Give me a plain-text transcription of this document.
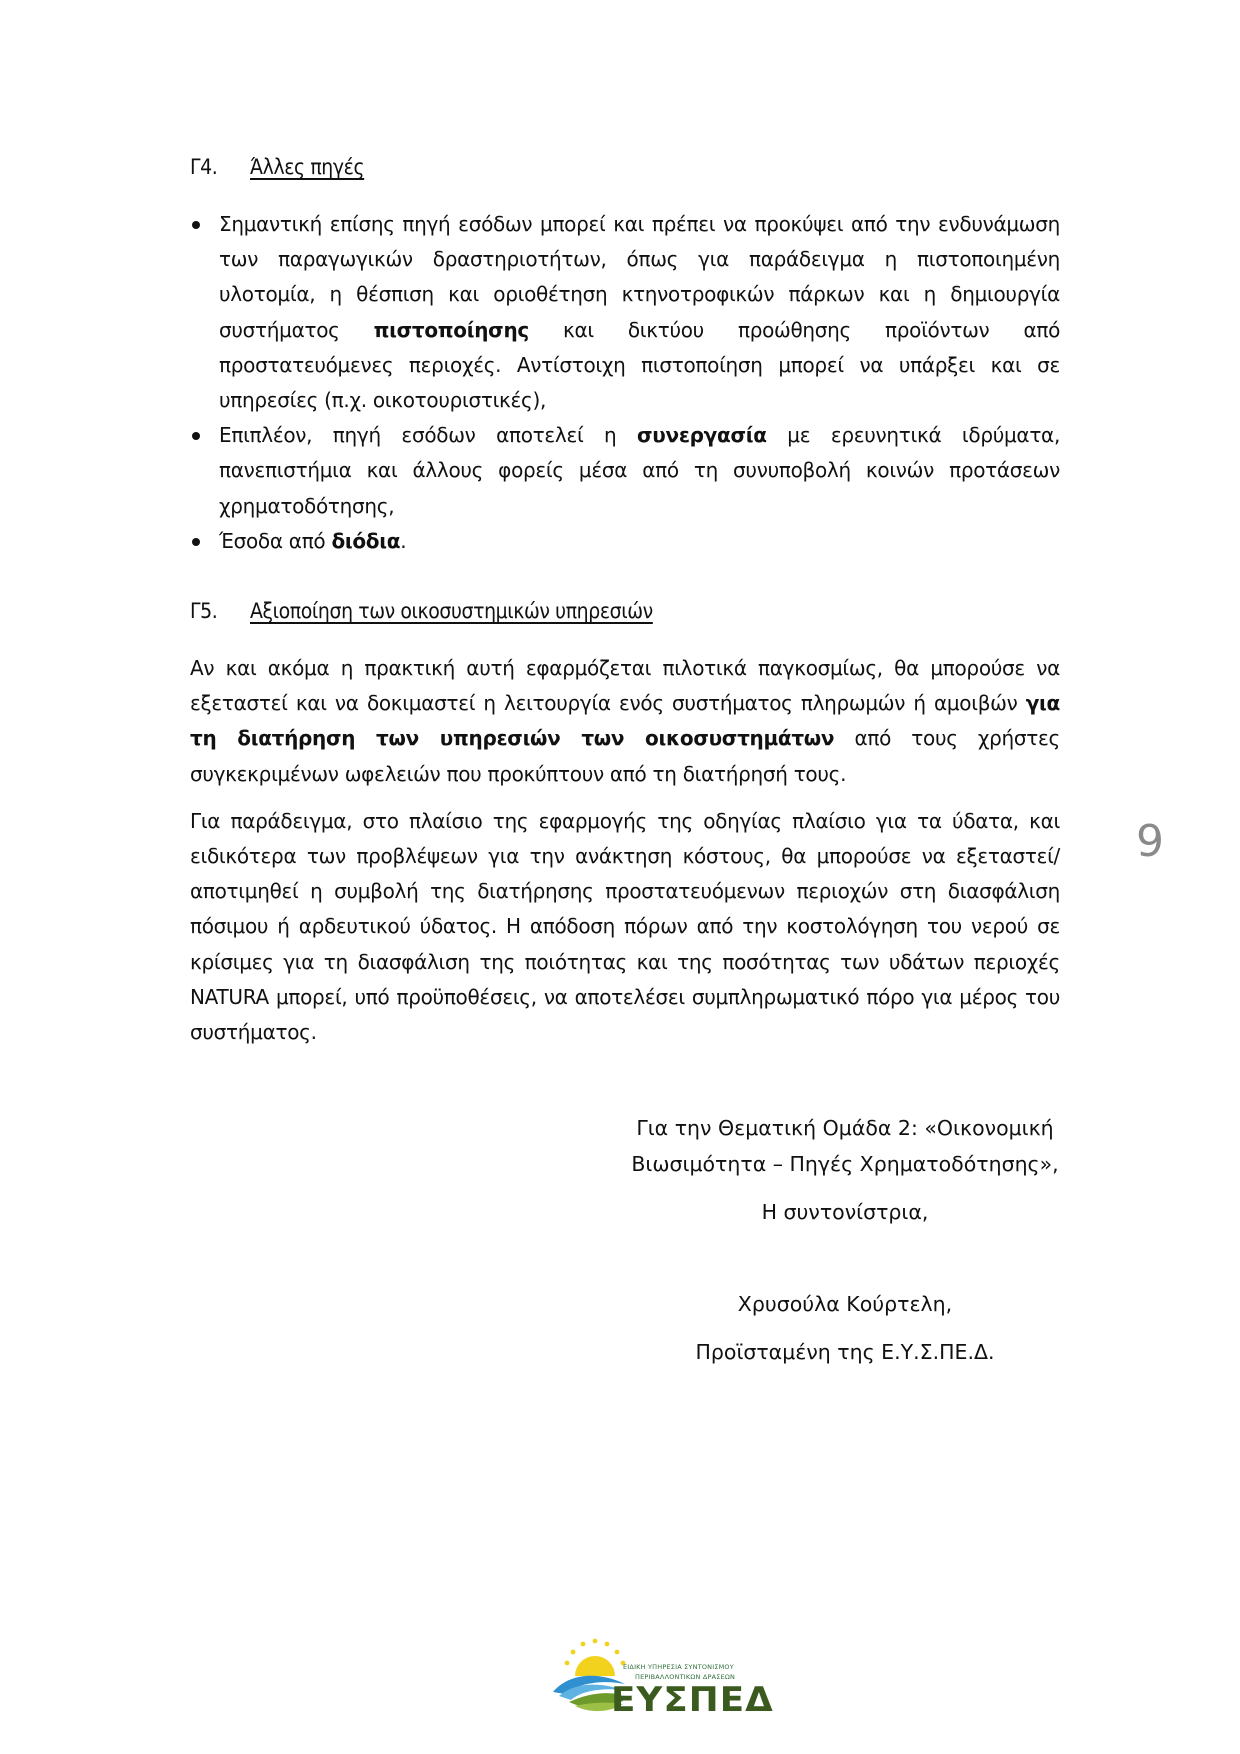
Γ4. Άλλες πηγές
Σημαντική επίσης πηγή εσόδων μπορεί και πρέπει να προκύψει από την ενδυνάμωση των παραγωγικών δραστηριοτήτων, όπως για παράδειγμα η πιστοποιημένη υλοτομία, η θέσπιση και οριοθέτηση κτηνοτροφικών πάρκων και η δημιουργία συστήματος πιστοποίησης και δικτύου προώθησης προϊόντων από προστατευόμενες περιοχές. Αντίστοιχη πιστοποίηση μπορεί να υπάρξει και σε υπηρεσίες (π.χ. οικοτουριστικές),
Επιπλέον, πηγή εσόδων αποτελεί η συνεργασία με ερευνητικά ιδρύματα, πανεπιστήμια και άλλους φορείς μέσα από τη συνυποβολή κοινών προτάσεων χρηματοδότησης,
Έσοδα από διόδια.
Γ5. Αξιοποίηση των οικοσυστημικών υπηρεσιών

Αν και ακόμα η πρακτική αυτή εφαρμόζεται πιλοτικά παγκοσμίως, θα μπορούσε να εξεταστεί και να δοκιμαστεί η λειτουργία ενός συστήματος πληρωμών ή αμοιβών για τη διατήρηση των υπηρεσιών των οικοσυστημάτων από τους χρήστες συγκεκριμένων ωφελειών που προκύπτουν από τη διατήρησή τους.

Για παράδειγμα, στο πλαίσιο της εφαρμογής της οδηγίας πλαίσιο για τα ύδατα, και ειδικότερα των προβλέψεων για την ανάκτηση κόστους, θα μπορούσε να εξεταστεί/αποτιμηθεί η συμβολή της διατήρησης προστατευόμενων περιοχών στη διασφάλιση πόσιμου ή αρδευτικού ύδατος. Η απόδοση πόρων από την κοστολόγηση του νερού σε κρίσιμες για τη διασφάλιση της ποιότητας και της ποσότητας των υδάτων περιοχές NATURA μπορεί, υπό προϋποθέσεις, να αποτελέσει συμπληρωματικό πόρο για μέρος του συστήματος.

9
Για την Θεματική Ομάδα 2: «Οικονομική
Βιωσιμότητα – Πηγές Χρηματοδότησης»,
Η συντονίστρια,
Χρυσούλα Κούρτελη,
Προϊσταμένη της Ε.Υ.Σ.ΠΕ.Δ.
ΕΙΔΙΚΗ ΥΠΗΡΕΣΙΑ ΣΥΝΤΟΝΙΣΜΟΥ
ΠΕΡΙΒΑΛΛΟΝΤΙΚΩΝ ΔΡΑΣΕΩΝ
ΕΥΣΠΕΔ
